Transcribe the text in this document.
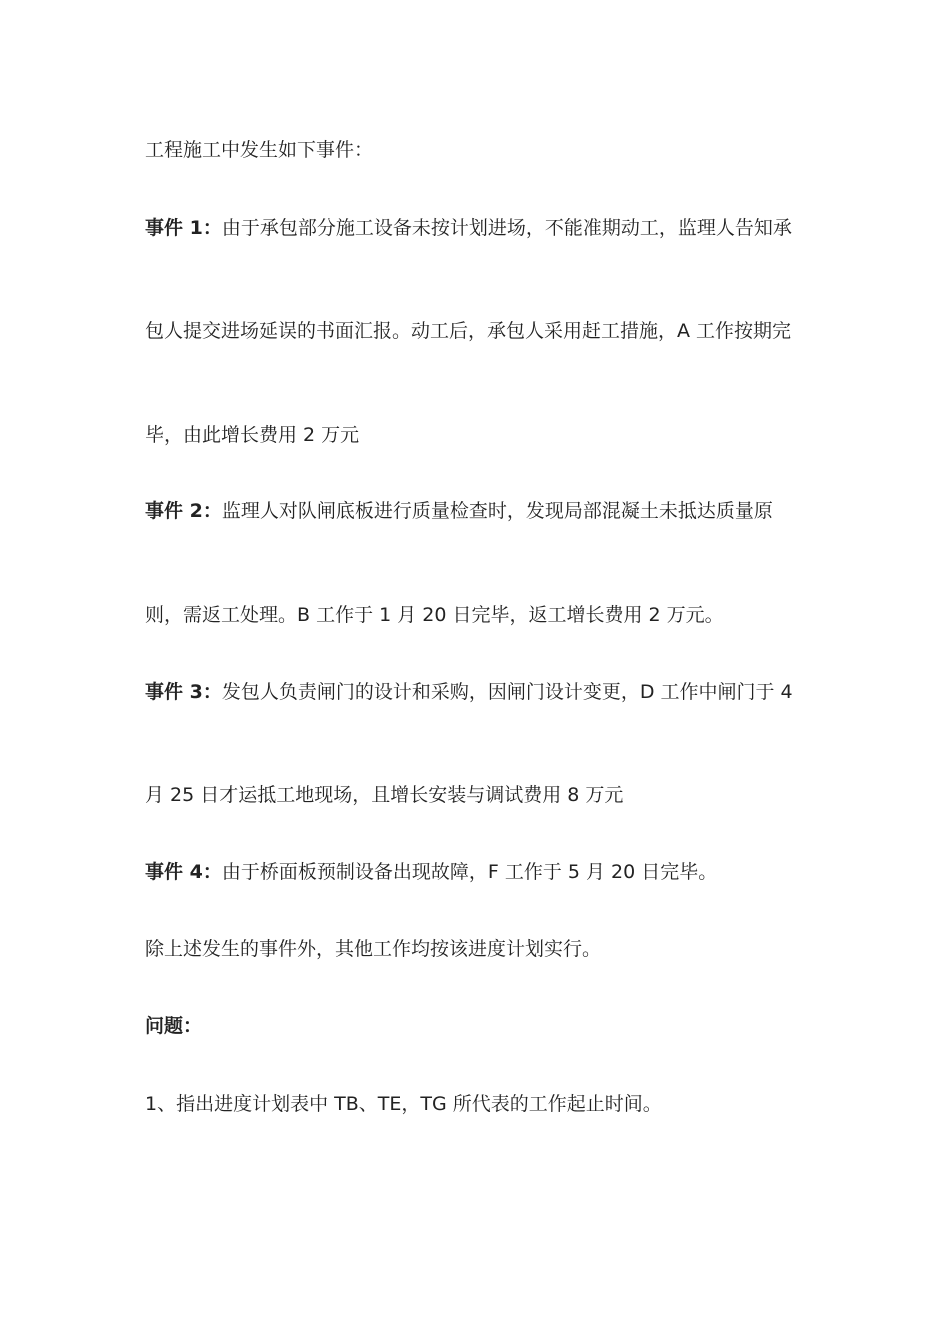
工程施工中发生如下事件：
事件 1：由于承包部分施工设备未按计划进场，不能准期动工，监理人告知承
包人提交进场延误的书面汇报。动工后，承包人采用赶工措施，A 工作按期完
毕，由此增长费用 2 万元
事件 2：监理人对队闸底板进行质量检查时，发现局部混凝土未抵达质量原
则，需返工处理。B 工作于 1 月 20 日完毕，返工增长费用 2 万元。
事件 3：发包人负责闸门的设计和采购，因闸门设计变更，D 工作中闸门于 4
月 25 日才运抵工地现场，且增长安装与调试费用 8 万元
事件 4：由于桥面板预制设备出现故障，F 工作于 5 月 20 日完毕。
除上述发生的事件外，其他工作均按该进度计划实行。
问题：
1、指出进度计划表中 TB、TE，TG 所代表的工作起止时间。
